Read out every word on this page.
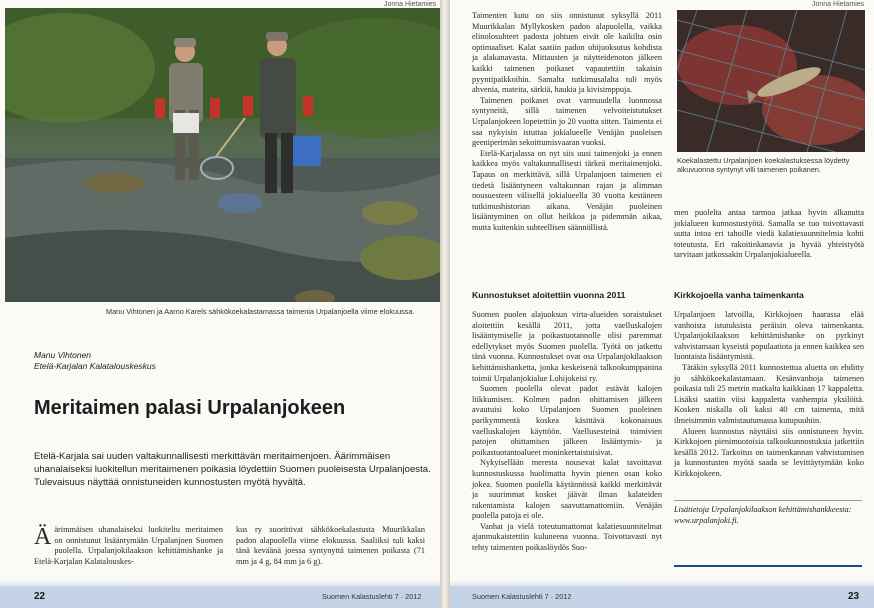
Jonna Hietamies
Manu Vihtonen ja Aarno Karels sähkökoekalastamassa taimenia Urpalanjoella viime elokuussa.
Manu Vihtonen
Etelä-Karjalan Kalatalouskeskus
Meritaimen palasi Urpalanjokeen
Etelä-Karjala sai uuden valtakunnallisesti merkittävän meritaimenjoen. Äärimmäisen uhanalaiseksi luokitellun meritaimenen poikasia löydettiin Suomen puoleisesta Urpalanjoesta. Tulevaisuus näyttää onnistuneiden kunnostusten myötä hyvältä.

Äärimmäisen uhanalaiseksi luokiteltu meritaimen on onnistunut lisääntymään Urpalanjoen Suomen puolella. Urpalanjokilaakson kehittämishanke ja Etelä-Karjalan Kalatalouskes-

kus ry suorittivat sähkökoekalastusta Muurikkalan padon alapuolella viime elokuussa. Saaliiksi tuli kaksi tänä keväänä joessa syntynyttä taimenen poikasta (71 mm ja 4 g, 84 mm ja 6 g).

22	Suomen Kalastuslehti 7 · 2012
Jonna Hietamies

Taimenten kutu on siis onnistunut syksyllä 2011 Muurikkalan Myllykosken padon alapuolella, vaikka elinolosuhteet padosta johtuen eivät ole kaikilta osin optimaaliset. Kalat saatiin padon ohijuoksutus kohdista ja alakanavasta. Mittausten ja näytteidenoton jälkeen kaikki taimenen poikaset vapautettiin takaisin pyyntipaikkoihin. Samalta tutkimusalalta tuli myös ahvenia, mateita, särkiä, haukia ja kivisimppuja.

Taimenen poikaset ovat varmuudella luonnossa syntyneitä, sillä taimenen velvoiteistutukset Urpalanjokeen lopetettiin jo 20 vuotta sitten. Taimenta ei saa nykyisin istuttaa jokialueelle Venäjän puoleisen geeniperimän sekoittumisvaaran vuoksi.

Etelä-Karjalassa on nyt siis uusi taimenjoki ja ennen kaikkea myös valtakunnallisesti tärkeä meritaimenjoki. Tapaus on merkittävä, sillä Urpalanjoen taimenen ei tiedetä lisääntyneen valtakunnan rajan ja alimman nousuesteen välisellä jokialueella 30 vuotta kestäneen tutkimushistorian aikana. Venäjän puoleinen lisääntyminen on ollut heikkoa ja pidemmän aikaa, mutta kuitenkin suhteellisen säännöllistä.

Koekalastettu Urpalanjoen koekalastuksessa löydetty alkuvuonna syntynyt villi taimenen poikanen.

men puolelta antaa tarmoa jatkaa hyvin alkanutta jokialueen kunnostustyötä. Samalla se tuo toivottavasti uutta intoa eri tahoille viedä kalatiesuunnitelmia kohti toteutusta. Eri rakoitinkanavia ja hyvää yhteistyötä tarvitaan jatkossakin Urpalanjokialueella.

Kunnostukset aloitettiin vuonna 2011	Kirkkojoella vanha taimenkanta

Suomen puolen alajuoksun virta-alueiden soraistukset aloitettiin kesällä 2011, jotta vaelluskalojen lisääntymiselle ja poikastuotannolle olisi paremmat edellytykset myös Suomen puolella. Työtä on jatkettu tänä vuonna. Kunnostukset ovat osa Urpalanjokilaakson kehittämishanketta, jonka keskeisenä talkookumppanina toimii Urpalanjokialue Lohijokeisi ry.

Suomen puolella olevat padot estävät kalojen liikkumisen. Kolmen padon ohittamisen jälkeen avautuisi koko Urpalanjoen Suomen puoleinen parikymmentä koskea käsittävä kokonaisuus vaelluskalojen käyttöön. Vaellusesteinä toimivien patojen ohittamisen jälkeen lisääntymis- ja poikastuotantoalueet moninkertaistuisivat.

Nykyisellään meresta nousevat kalat tavoittavat kunnostuskussa huolimatta hyvin pienen osan koko jokea. Suomen puolella käytännössä kaikki merkittävät ja suurimmat kosket jäävät ilman kalateiden rakentamista kalojen saavuttamattomiin. Venäjän puolella patoja ei ole.

Vanhat ja vielä toteutumattomat kalatiesuunnitelmat ajanmukaistettiin kuluneena vuonna. Toivottavasti nyt tehty taimenten poikaslöydös Suo-

Urpalanjoen latvoilla, Kirkkojoen haarassa elää vanhoista istutuksista peräisin oleva taimenkanta. Urpalanjokilaakson kehittämishanke on pyrkinyt vahvistamaan kyseistä populaatiota ja ennen kaikkea sen luontaista lisääntymistä.

Tätäkin syksyllä 2011 kunnostettua aluetta on ehditty jo sähkökoekalastamaan. Kesänvanhoja taimenen poikasia tuli 25 metrin matkalta kaikkiaan 17 kappaletta. Lisäksi saatiin viisi kappaletta vanhempia yksilöitä. Kosken niskalla oli kaksi 40 cm taimenta, mitä ilmeisimmin valmistautumassa kutupuuhiin.

Alueen kunnostus näyttäisi siis onnistuneen hyvin. Kirkkojoen pienimuotoisia talkookunnostuksia jatkettiin kesällä 2012. Tarkoitus on taimenkannan vahvistumisen ja kunnostusten myötä saada se levittäytymään koko Kirkkojokeen.

Lisätietoja Urpalanjokilaakson kehittämishankkeesta: www.urpalanjoki.fi.
Suomen Kalastuslehti 7 · 2012	23
